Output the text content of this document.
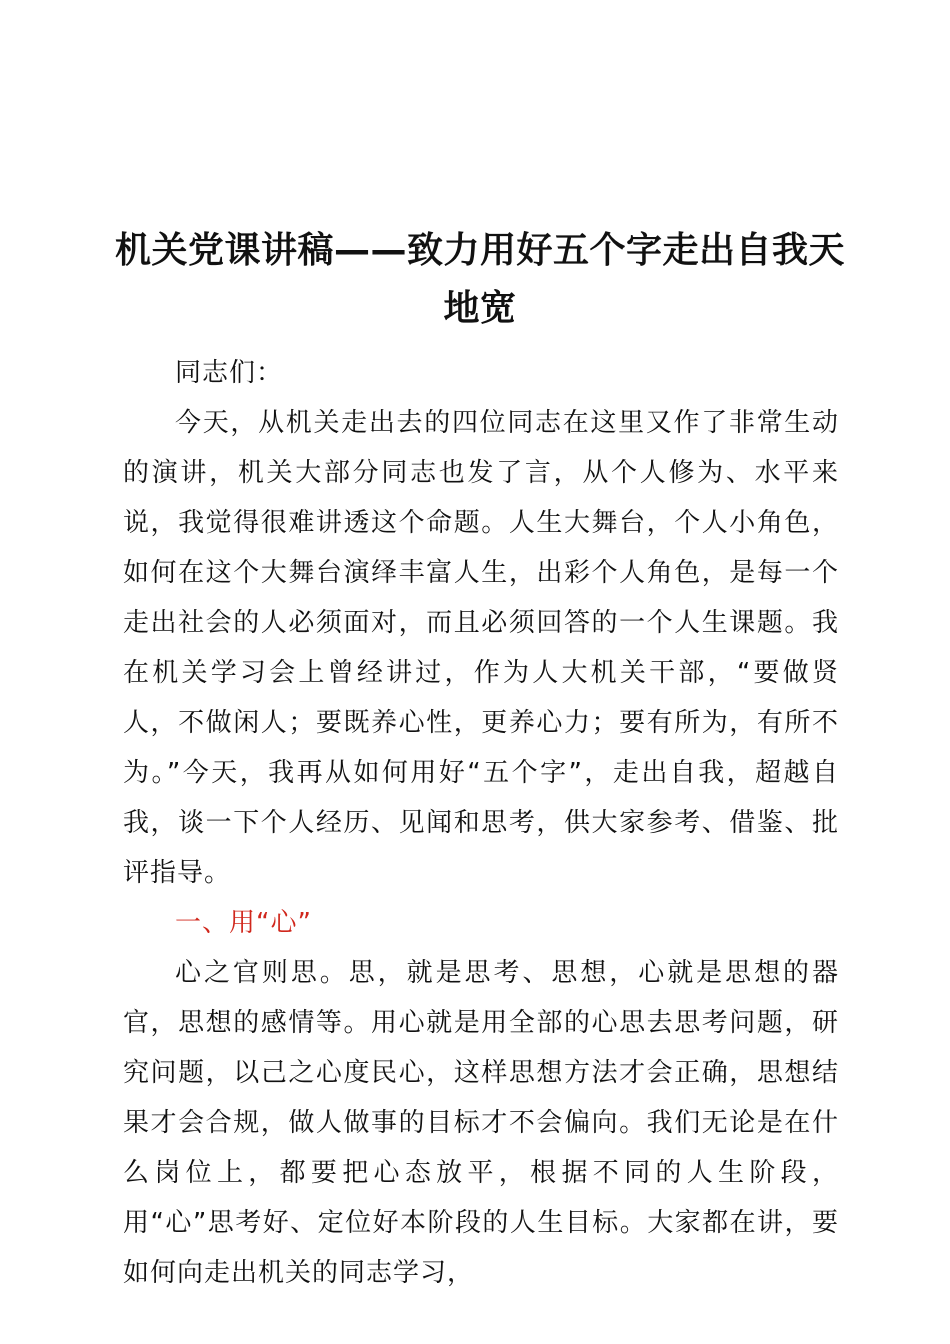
机关党课讲稿——致力用好五个字走出自我天地宽

同志们：

今天，从机关走出去的四位同志在这里又作了非常生动的演讲，机关大部分同志也发了言，从个人修为、水平来说，我觉得很难讲透这个命题。人生大舞台，个人小角色，如何在这个大舞台演绎丰富人生，出彩个人角色，是每一个走出社会的人必须面对，而且必须回答的一个人生课题。我在机关学习会上曾经讲过，作为人大机关干部，“要做贤人，不做闲人；要既养心性，更养心力；要有所为，有所不为。”今天，我再从如何用好“五个字”，走出自我，超越自我，谈一下个人经历、见闻和思考，供大家参考、借鉴、批评指导。

一、用“心”

心之官则思。思，就是思考、思想，心就是思想的器官，思想的感情等。用心就是用全部的心思去思考问题，研究问题，以己之心度民心，这样思想方法才会正确，思想结果才会合规，做人做事的目标才不会偏向。我们无论是在什么岗位上，都要把心态放平，根据不同的人生阶段，用“心”思考好、定位好本阶段的人生目标。大家都在讲，要如何向走出机关的同志学习，
